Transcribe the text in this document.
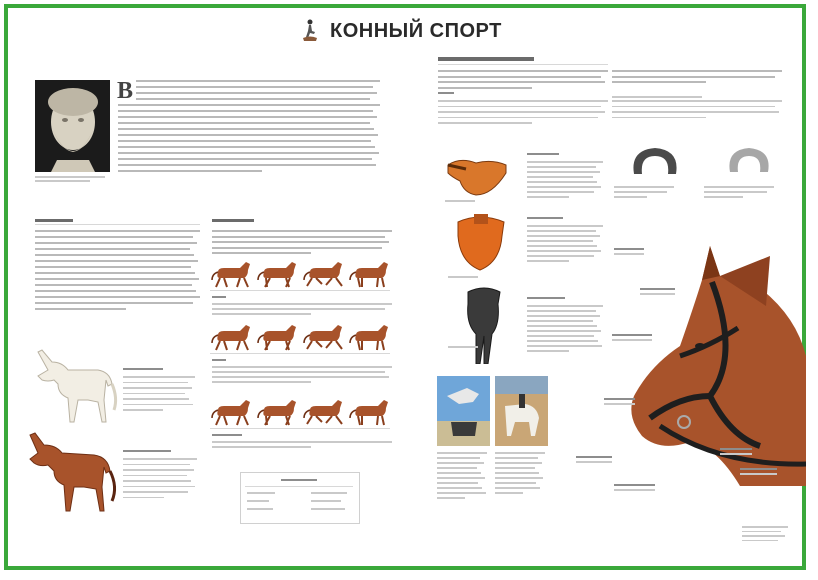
КОННЫЙ СПОРТ
В
